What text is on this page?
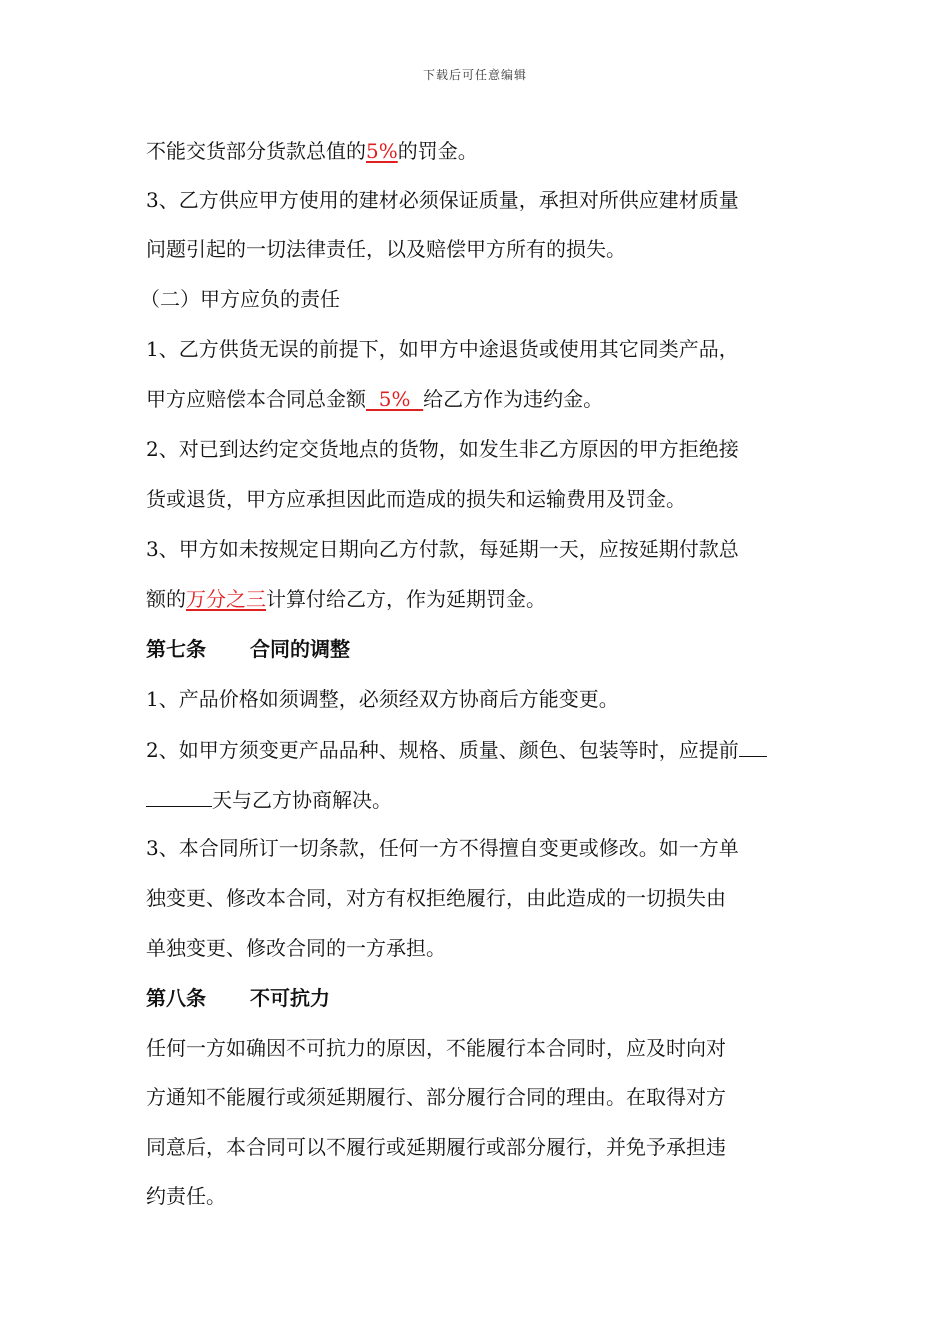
下载后可任意编辑
不能交货部分货款总值的5%的罚金。
3、乙方供应甲方使用的建材必须保证质量，承担对所供应建材质量
问题引起的一切法律责任，以及赔偿甲方所有的损失。
（二）甲方应负的责任
1、乙方供货无误的前提下，如甲方中途退货或使用其它同类产品，
甲方应赔偿本合同总金额  5%  给乙方作为违约金。
2、对已到达约定交货地点的货物，如发生非乙方原因的甲方拒绝接
货或退货，甲方应承担因此而造成的损失和运输费用及罚金。
3、甲方如未按规定日期向乙方付款，每延期一天，应按延期付款总
额的万分之三计算付给乙方，作为延期罚金。
第七条 合同的调整
1、产品价格如须调整，必须经双方协商后方能变更。
2、如甲方须变更产品品种、规格、质量、颜色、包装等时，应提前
天与乙方协商解决。
3、本合同所订一切条款，任何一方不得擅自变更或修改。如一方单
独变更、修改本合同，对方有权拒绝履行，由此造成的一切损失由
单独变更、修改合同的一方承担。
第八条 不可抗力
任何一方如确因不可抗力的原因，不能履行本合同时，应及时向对
方通知不能履行或须延期履行、部分履行合同的理由。在取得对方
同意后，本合同可以不履行或延期履行或部分履行，并免予承担违
约责任。
